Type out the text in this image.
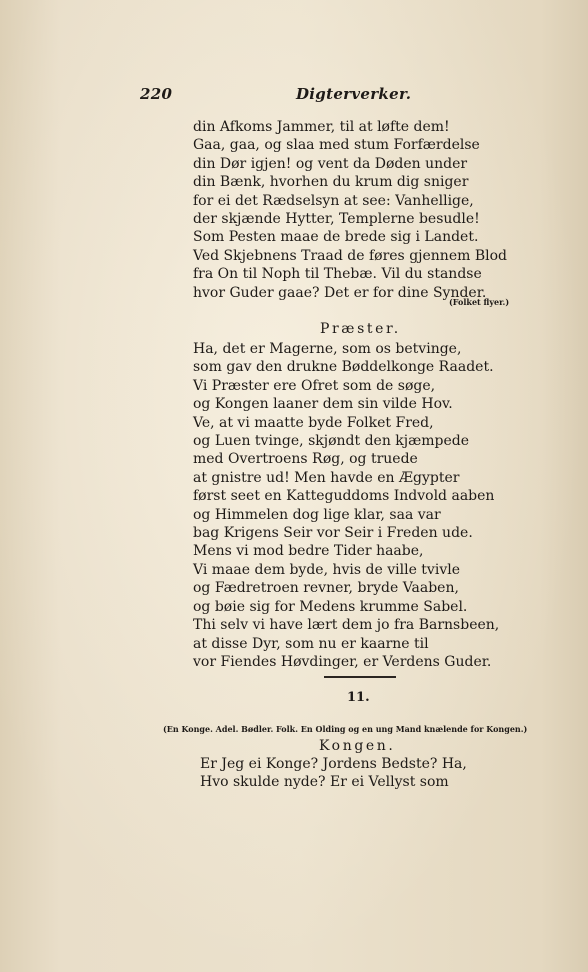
220	Digterverker.
din Afkoms Jammer, til at løfte dem!
Gaa, gaa, og slaa med stum Forfærdelse
din Dør igjen! og vent da Døden under
din Bænk, hvorhen du krum dig sniger
for ei det Rædselsyn at see: Vanhellige,
der skjænde Hytter, Templerne besudle!
Som Pesten maae de brede sig i Landet.
Ved Skjebnens Traad de føres gjennem Blod
fra On til Noph til Thebæ. Vil du standse
hvor Guder gaae? Det er for dine Synder.
(Folket flyer.)
Præster.
Ha, det er Magerne, som os betvinge,
som gav den drukne Bøddelkonge Raadet.
Vi Præster ere Ofret som de søge,
og Kongen laaner dem sin vilde Hov.
Ve, at vi maatte byde Folket Fred,
og Luen tvinge, skjøndt den kjæmpede
med Overtroens Røg, og truede
at gnistre ud! Men havde en Ægypter
først seet en Katteguddoms Indvold aaben
og Himmelen dog lige klar, saa var
bag Krigens Seir vor Seir i Freden ude.
Mens vi mod bedre Tider haabe,
Vi maae dem byde, hvis de ville tvivle
og Fædretroen revner, bryde Vaaben,
og bøie sig for Medens krumme Sabel.
Thi selv vi have lært dem jo fra Barnsbeen,
at disse Dyr, som nu er kaarne til
vor Fiendes Høvdinger, er Verdens Guder.
11.
(En Konge. Adel. Bødler. Folk. En Olding og en ung Mand knælende for Kongen.)
Kongen.
Er Jeg ei Konge? Jordens Bedste? Ha,
Hvo skulde nyde? Er ei Vellyst som
